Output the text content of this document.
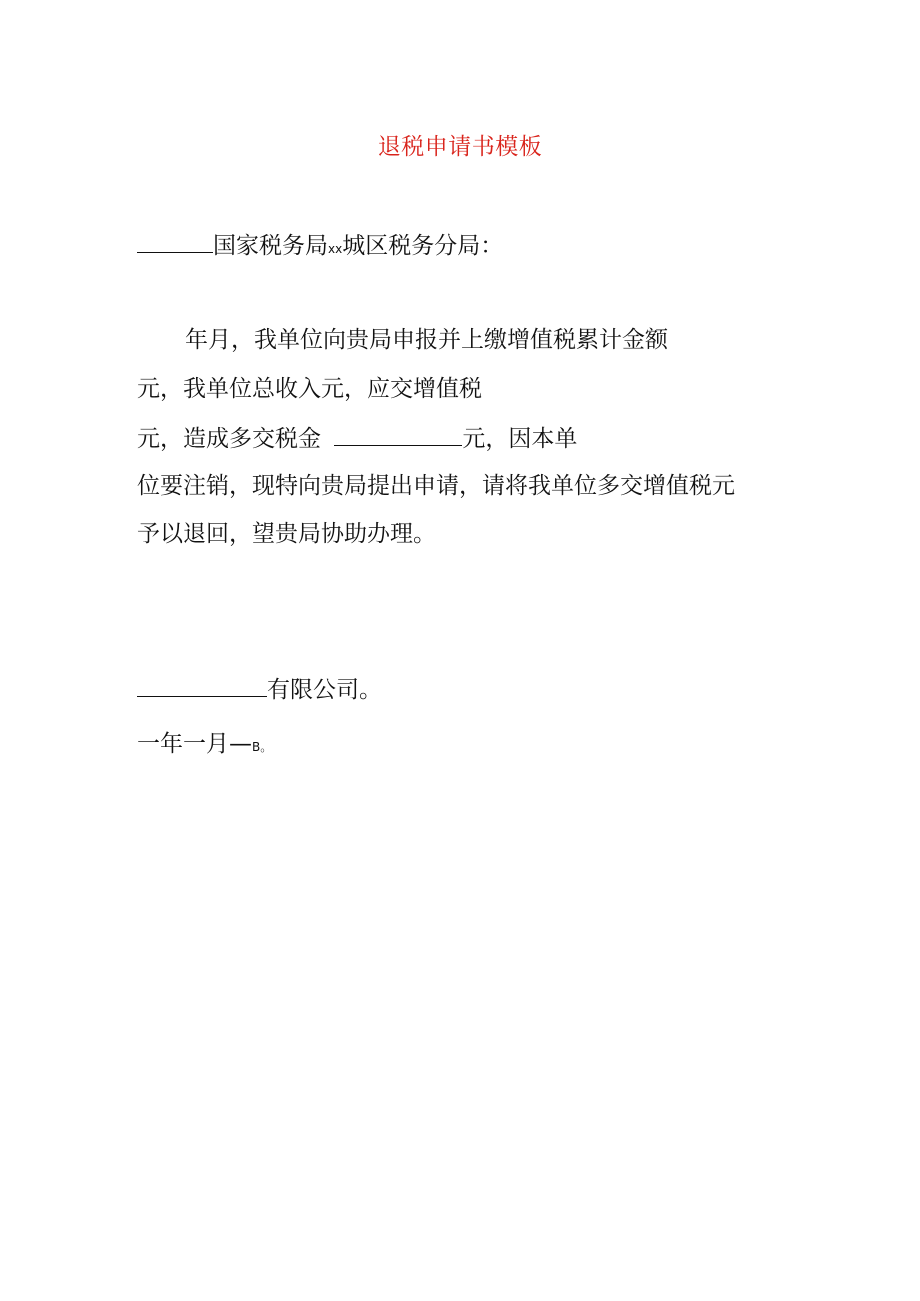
退税申请书模板
国家税务局xx城区税务分局：
年月，我单位向贵局申报并上缴增值税累计金额
元，我单位总收入元，应交增值税
元，造成多交税金	元，因本单
位要注销，现特向贵局提出申请，请将我单位多交增值税元
予以退回，望贵局协助办理。
有限公司。
一年一月—B。
